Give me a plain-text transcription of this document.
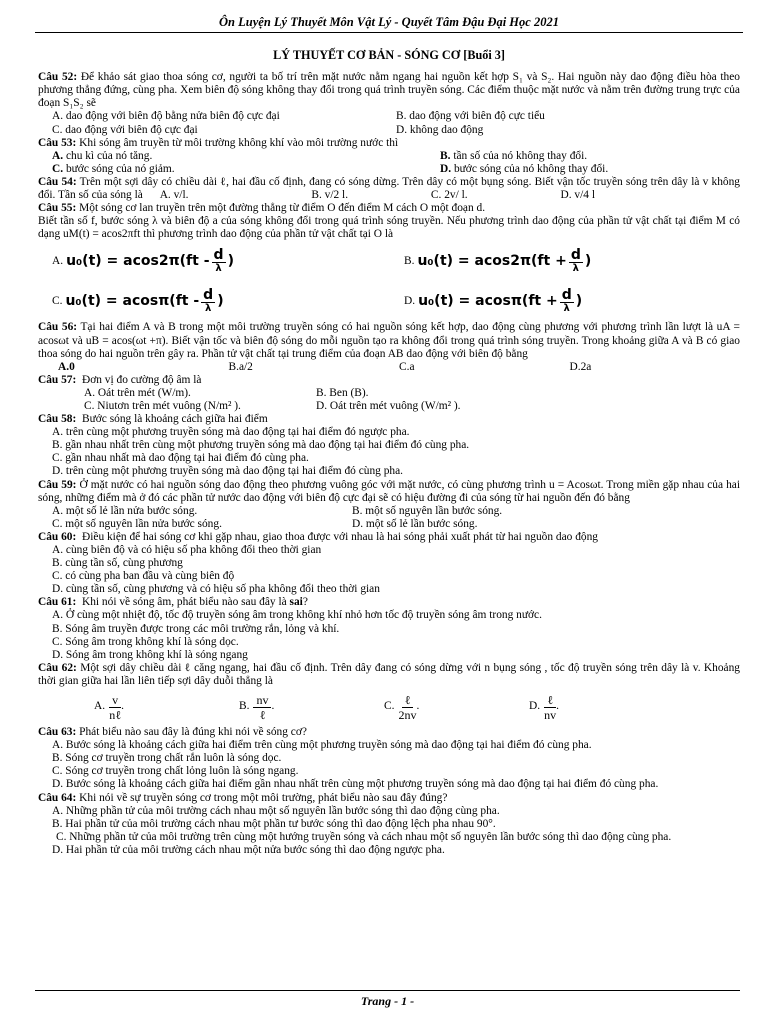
Ôn Luyện Lý Thuyết Môn Vật Lý - Quyết Tâm Đậu Đại Học 2021
LÝ THUYẾT CƠ BẢN - SÓNG CƠ [Buổi 3]

Câu 52: Để khảo sát giao thoa sóng cơ, người ta bố trí trên mặt nước nằm ngang hai nguồn kết hợp S₁ và S₂. Hai nguồn này dao động điều hòa theo phương thẳng đứng, cùng pha. Xem biên độ sóng không thay đổi trong quá trình truyền sóng. Các điểm thuộc mặt nước và nằm trên đường trung trực của đoạn S₁S₂ sẽ

A. dao động với biên độ bằng nửa biên độ cực đại	B. dao động với biên độ cực tiểu
C. dao động với biên độ cực đại	D. không dao động

Câu 53: Khi sóng âm truyền từ môi trường không khí vào môi trường nước thì

A. chu kì của nó tăng.	B. tần số của nó không thay đổi.
C. bước sóng của nó giảm.	D. bước sóng của nó không thay đổi.

Câu 54: Trên một sợi dây có chiều dài ℓ, hai đầu cố định, đang có sóng dừng. Trên dây có một bụng sóng. Biết vận tốc truyền sóng trên dây là v không đổi. Tần số của sóng là A. v/l.	B. v/2 l.	C. 2v/ l.	D. v/4 l

Câu 55: Một sóng cơ lan truyền trên một đường thẳng từ điểm O đến điểm M cách O một đoạn d.

Biết tần số f, bước sóng λ và biên độ a của sóng không đổi trong quá trình sóng truyền. Nếu phương trình dao động của phần tử vật chất tại điểm M có dạng uM(t) = acos2πft thì phương trình dao động của phần tử vật chất tại O là

A. $u_0(t) = acos2\pi(ft - \frac{d}{\lambda}$ )	B. $u_0(t) = acos2\pi(ft + \frac{d}{\lambda}$ )
C. $u_0(t) = acos\pi(ft - \frac{d}{\lambda}$ )	D. $u_0(t) = acos\pi(ft + \frac{d}{\lambda}$ )

Câu 56: Tại hai điểm A và B trong một môi trường truyền sóng có hai nguồn sóng kết hợp, dao động cùng phương với phương trình lần lượt là uA = acosωt và uB = acos(ωt +π). Biết vận tốc và biên độ sóng do mỗi nguồn tạo ra không đổi trong quá trình sóng truyền. Trong khoảng giữa A và B có giao thoa sóng do hai nguồn trên gây ra. Phần tử vật chất tại trung điểm của đoạn AB dao động với biên độ bằng

A.0	B.a/2	C.a	D.2a

Câu 57: Đơn vị đo cường độ âm là

A. Oát trên mét (W/m).	B. Ben (B).
C. Niutơn trên mét vuông (N/m² ).	D. Oát trên mét vuông (W/m² ).

Câu 58: Bước sóng là khoảng cách giữa hai điểm

A. trên cùng một phương truyền sóng mà dao động tại hai điểm đó ngược pha.
B. gần nhau nhất trên cùng một phương truyền sóng mà dao động tại hai điểm đó cùng pha.
C. gần nhau nhất mà dao động tại hai điểm đó cùng pha.
D. trên cùng một phương truyền sóng mà dao động tại hai điểm đó cùng pha.

Câu 59: Ở mặt nước có hai nguồn sóng dao động theo phương vuông góc với mặt nước, có cùng phương trình u = Acosωt. Trong miền gặp nhau của hai sóng, những điểm mà ở đó các phần tử nước dao động với biên độ cực đại sẽ có hiệu đường đi của sóng từ hai nguồn đến đó bằng

A. một số lẻ lần nửa bước sóng.	B. một số nguyên lần bước sóng.
C. một số nguyên lần nửa bước sóng.	D. một số lẻ lần bước sóng.

Câu 60: Điều kiện để hai sóng cơ khi gặp nhau, giao thoa được với nhau là hai sóng phải xuất phát từ hai nguồn dao động

A. cùng biên độ và có hiệu số pha không đổi theo thời gian
B. cùng tần số, cùng phương
C. có cùng pha ban đầu và cùng biên độ
D. cùng tần số, cùng phương và có hiệu số pha không đổi theo thời gian

Câu 61: Khi nói về sóng âm, phát biểu nào sau đây là sai?

A. Ở cùng một nhiệt độ, tốc độ truyền sóng âm trong không khí nhỏ hơn tốc độ truyền sóng âm trong nước.
B. Sóng âm truyền được trong các môi trường rắn, lỏng và khí.
C. Sóng âm trong không khí là sóng dọc.
D. Sóng âm trong không khí là sóng ngang

Câu 62: Một sợi dây chiều dài ℓ căng ngang, hai đầu cố định. Trên dây đang có sóng dừng với n bụng sóng , tốc độ truyền sóng trên dây là v. Khoảng thời gian giữa hai lần liên tiếp sợi dây duỗi thẳng là

A. v
nℓ
.	B. nv
ℓ
.	C. ℓ
2nv
.	D. ℓ
nv
.

Câu 63: Phát biểu nào sau đây là đúng khi nói về sóng cơ?

A. Bước sóng là khoảng cách giữa hai điểm trên cùng một phương truyền sóng mà dao động tại hai điểm đó cùng pha.
B. Sóng cơ truyền trong chất rắn luôn là sóng dọc.
C. Sóng cơ truyền trong chất lỏng luôn là sóng ngang.
D. Bước sóng là khoảng cách giữa hai điểm gần nhau nhất trên cùng một phương truyền sóng mà dao động tại hai điểm đó cùng pha.

Câu 64: Khi nói về sự truyền sóng cơ trong một môi trường, phát biểu nào sau đây đúng?

A. Những phần tử của môi trường cách nhau một số nguyên lần bước sóng thì dao động cùng pha.
B. Hai phần tử của môi trường cách nhau một phần tư bước sóng thì dao động lệch pha nhau 90°.
C. Những phần tử của môi trường trên cùng một hướng truyền sóng và cách nhau một số nguyên lần bước sóng thì dao động cùng pha.
D. Hai phần tử của môi trường cách nhau một nửa bước sóng thì dao động ngược pha.
Trang - 1 -
